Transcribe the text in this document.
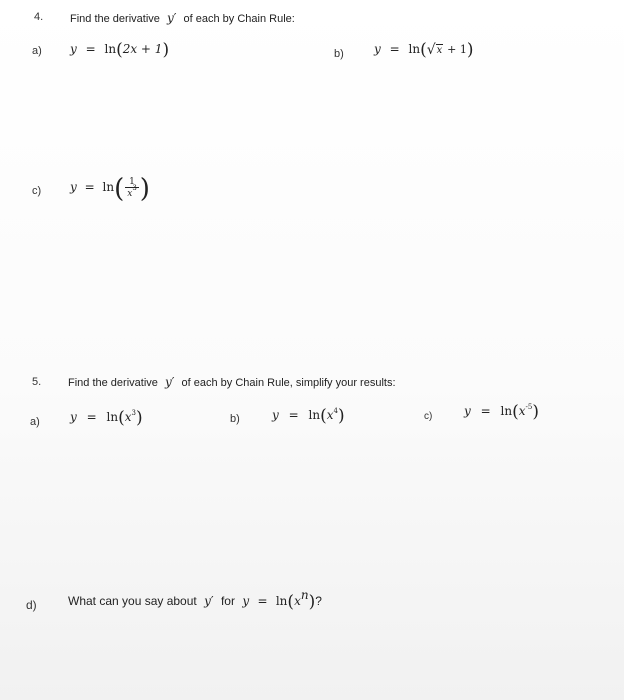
4. Find the derivative y′ of each by Chain Rule:
a) y = ln(2x + 1)	b)	y = ln(√x + 1)
c) $y = \ln( \frac{1}{x^3}$ )
5. Find the derivative y′ of each by Chain Rule, simplify your results:
a)	$y = \ln(x^3)$	b)	$y = \ln(x^4)$	c)	$y = \ln(x^{-5})$
d)	What can you say about y′ for $y = \ln(x^n)$?
